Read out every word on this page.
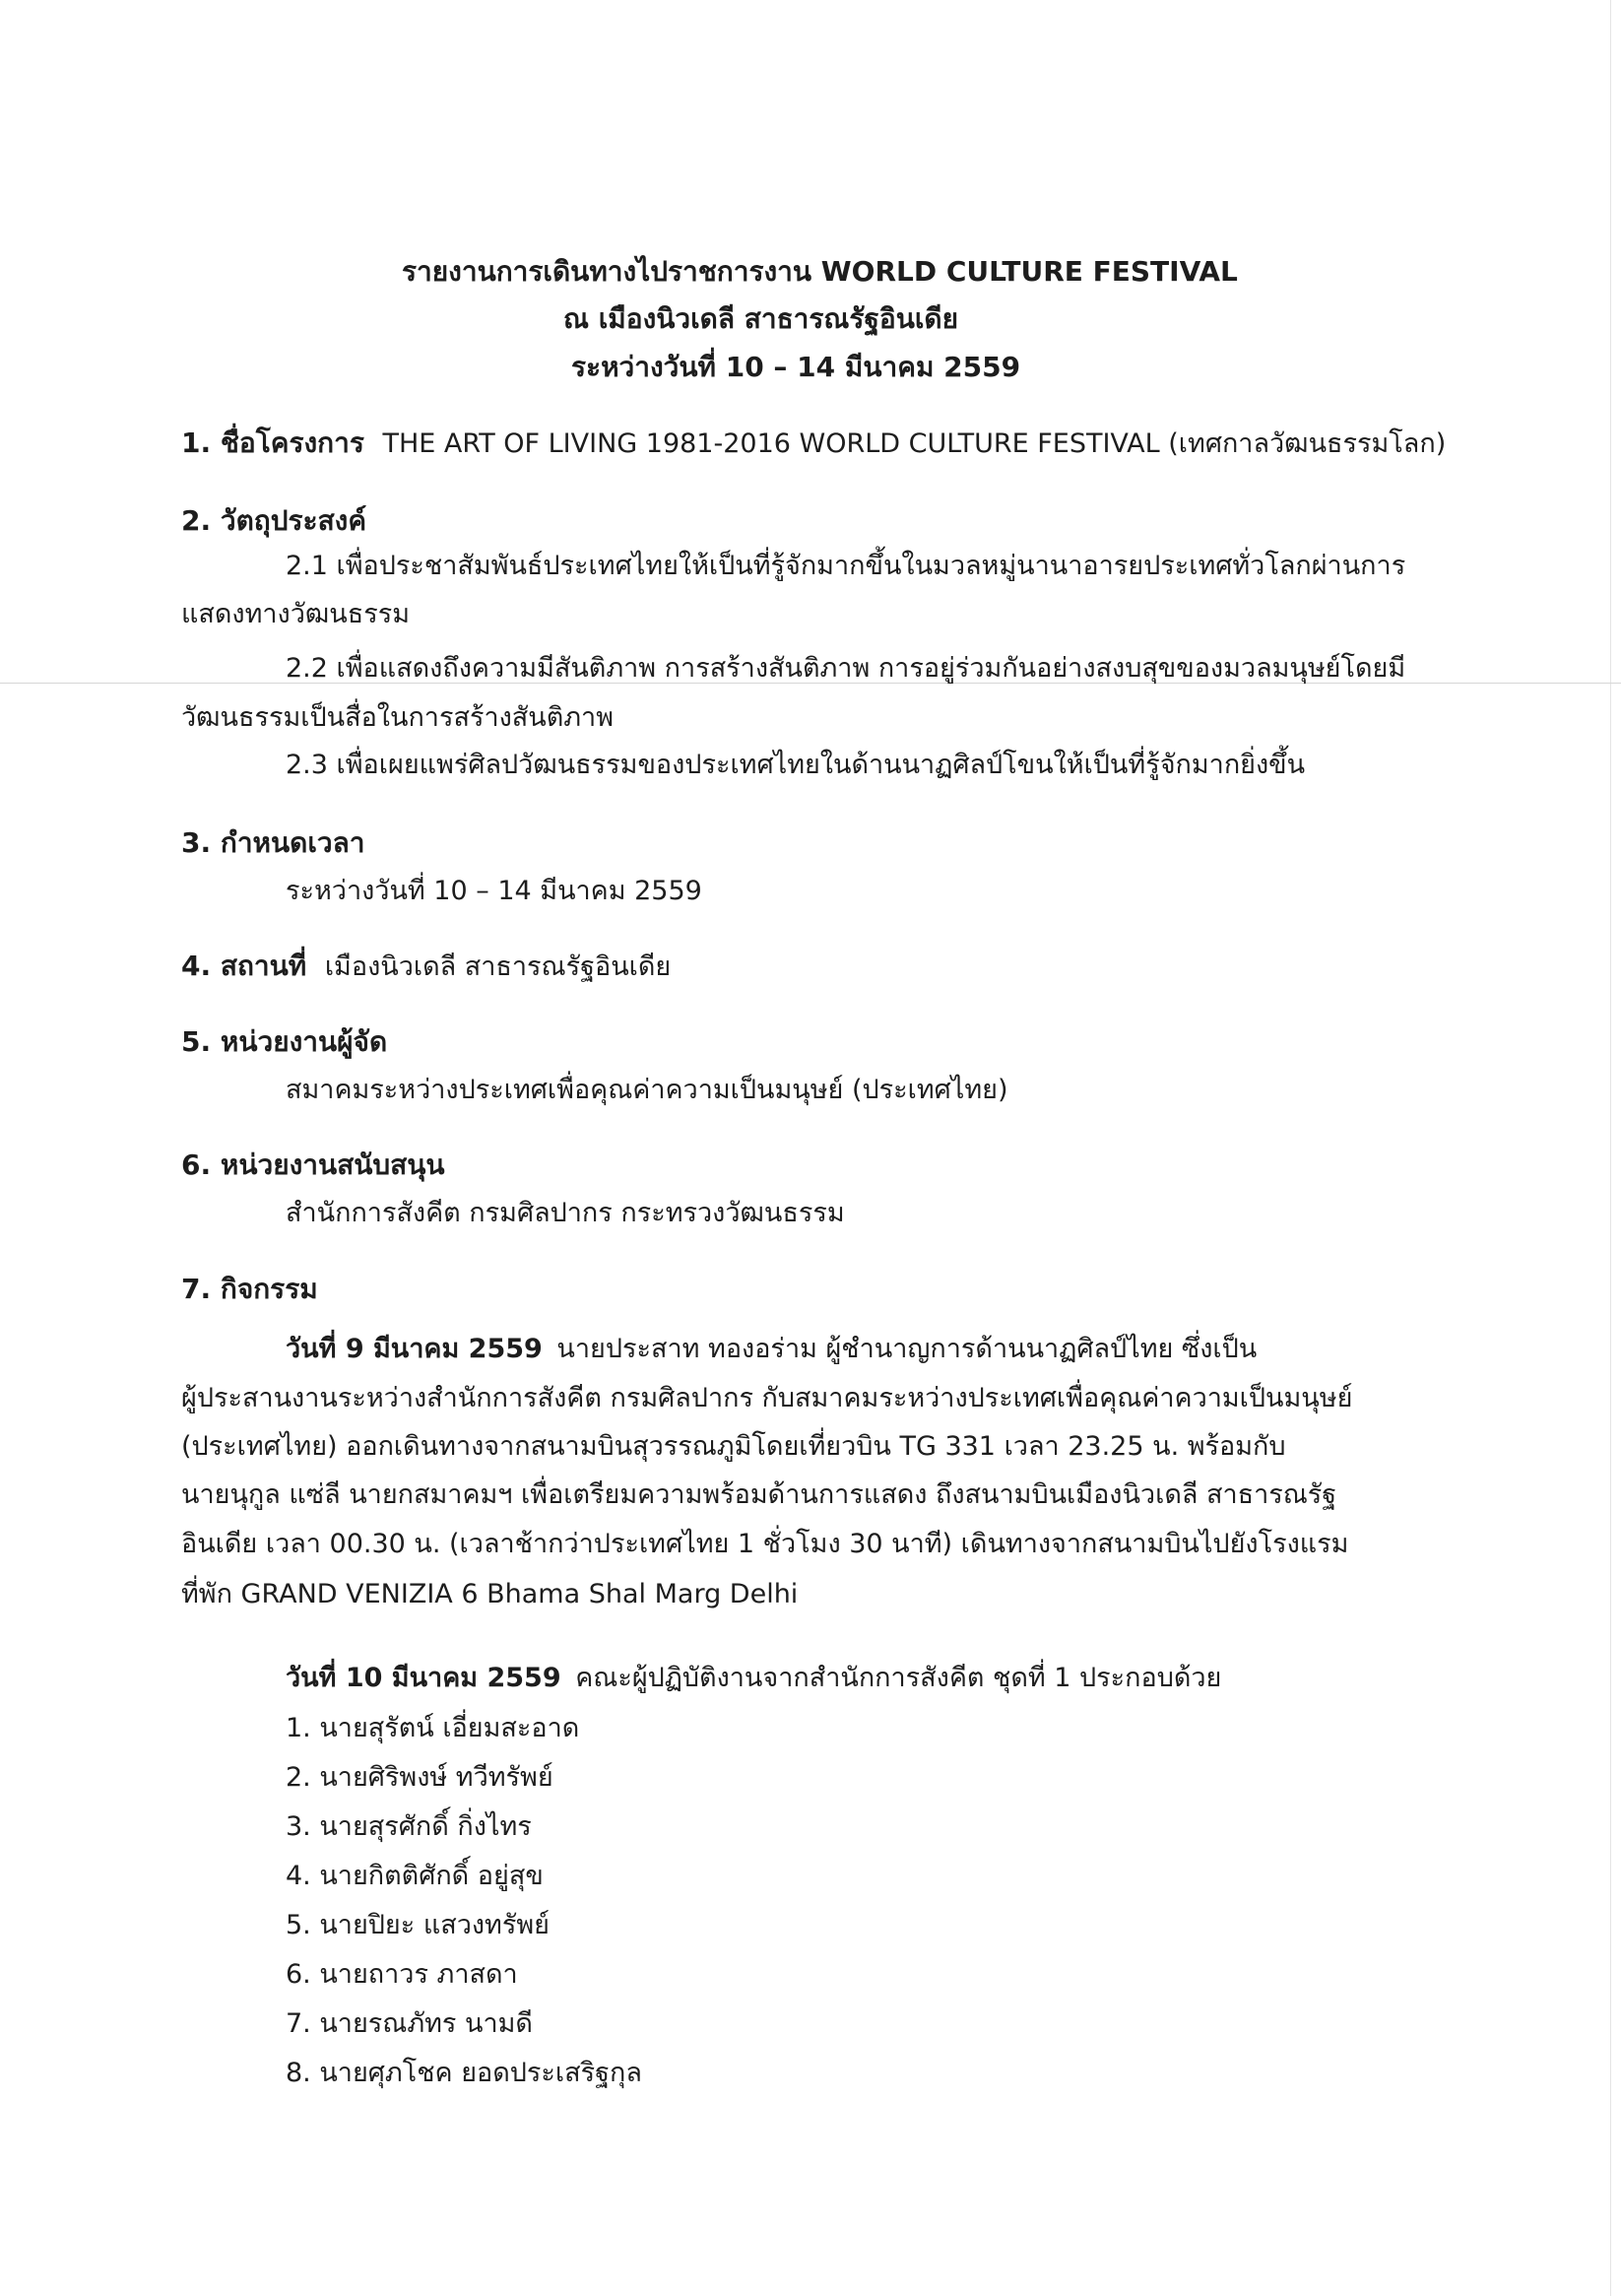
รายงานการเดินทางไปราชการงาน WORLD CULTURE FESTIVAL
ณ เมืองนิวเดลี สาธารณรัฐอินเดีย
ระหว่างวันที่ 10 – 14 มีนาคม 2559
1. ชื่อโครงการ THE ART OF LIVING 1981-2016 WORLD CULTURE FESTIVAL (เทศกาลวัฒนธรรมโลก)
2. วัตถุประสงค์
2.1 เพื่อประชาสัมพันธ์ประเทศไทยให้เป็นที่รู้จักมากขึ้นในมวลหมู่นานาอารยประเทศทั่วโลกผ่านการ
แสดงทางวัฒนธรรม
2.2 เพื่อแสดงถึงความมีสันติภาพ การสร้างสันติภาพ การอยู่ร่วมกันอย่างสงบสุขของมวลมนุษย์โดยมี
วัฒนธรรมเป็นสื่อในการสร้างสันติภาพ
2.3 เพื่อเผยแพร่ศิลปวัฒนธรรมของประเทศไทยในด้านนาฏศิลป์โขนให้เป็นที่รู้จักมากยิ่งขึ้น
3. กำหนดเวลา
ระหว่างวันที่ 10 – 14 มีนาคม 2559
4. สถานที่ เมืองนิวเดลี สาธารณรัฐอินเดีย
5. หน่วยงานผู้จัด
สมาคมระหว่างประเทศเพื่อคุณค่าความเป็นมนุษย์ (ประเทศไทย)
6. หน่วยงานสนับสนุน
สำนักการสังคีต กรมศิลปากร กระทรวงวัฒนธรรม
7. กิจกรรม
วันที่ 9 มีนาคม 2559 นายประสาท ทองอร่าม ผู้ชำนาญการด้านนาฏศิลป์ไทย ซึ่งเป็น
ผู้ประสานงานระหว่างสำนักการสังคีต กรมศิลปากร กับสมาคมระหว่างประเทศเพื่อคุณค่าความเป็นมนุษย์
(ประเทศไทย) ออกเดินทางจากสนามบินสุวรรณภูมิโดยเที่ยวบิน TG 331 เวลา 23.25 น. พร้อมกับ
นายนุกูล แซ่ลี นายกสมาคมฯ เพื่อเตรียมความพร้อมด้านการแสดง ถึงสนามบินเมืองนิวเดลี สาธารณรัฐ
อินเดีย เวลา 00.30 น. (เวลาช้ากว่าประเทศไทย 1 ชั่วโมง 30 นาที) เดินทางจากสนามบินไปยังโรงแรม
ที่พัก GRAND VENIZIA 6 Bhama Shal Marg Delhi
วันที่ 10 มีนาคม 2559 คณะผู้ปฏิบัติงานจากสำนักการสังคีต ชุดที่ 1 ประกอบด้วย
1. นายสุรัตน์ เอี่ยมสะอาด
2. นายศิริพงษ์ ทวีทรัพย์
3. นายสุรศักดิ์ กิ่งไทร
4. นายกิตติศักดิ์ อยู่สุข
5. นายปิยะ แสวงทรัพย์
6. นายถาวร ภาสดา
7. นายรณภัทร นามดี
8. นายศุภโชค ยอดประเสริฐกุล
